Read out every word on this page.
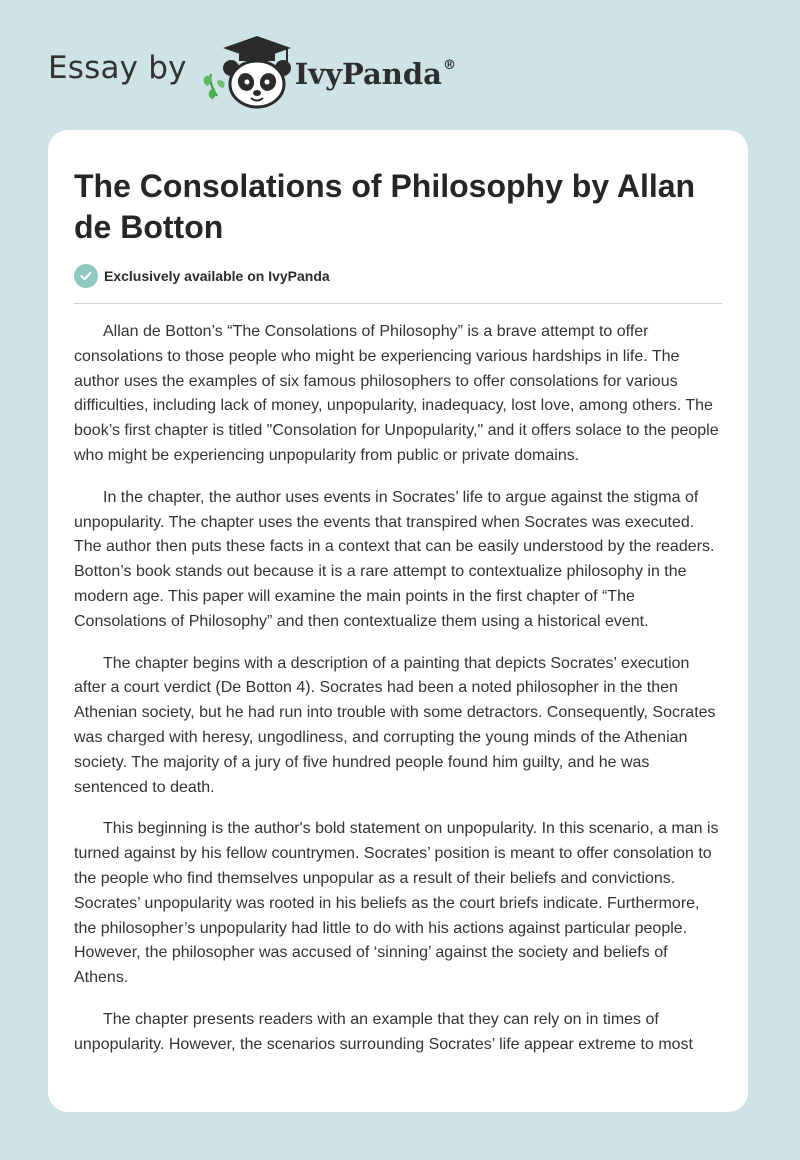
Essay by	IvyPanda®
The Consolations of Philosophy by Allan de Botton
Exclusively available on IvyPanda

Allan de Botton’s “The Consolations of Philosophy” is a brave attempt to offer consolations to those people who might be experiencing various hardships in life. The author uses the examples of six famous philosophers to offer consolations for various difficulties, including lack of money, unpopularity, inadequacy, lost love, among others. The book’s first chapter is titled "Consolation for Unpopularity," and it offers solace to the people who might be experiencing unpopularity from public or private domains.

In the chapter, the author uses events in Socrates’ life to argue against the stigma of unpopularity. The chapter uses the events that transpired when Socrates was executed. The author then puts these facts in a context that can be easily understood by the readers. Botton’s book stands out because it is a rare attempt to contextualize philosophy in the modern age. This paper will examine the main points in the first chapter of “The Consolations of Philosophy” and then contextualize them using a historical event.

The chapter begins with a description of a painting that depicts Socrates’ execution after a court verdict (De Botton 4). Socrates had been a noted philosopher in the then Athenian society, but he had run into trouble with some detractors. Consequently, Socrates was charged with heresy, ungodliness, and corrupting the young minds of the Athenian society. The majority of a jury of five hundred people found him guilty, and he was sentenced to death.

This beginning is the author's bold statement on unpopularity. In this scenario, a man is turned against by his fellow countrymen. Socrates’ position is meant to offer consolation to the people who find themselves unpopular as a result of their beliefs and convictions. Socrates’ unpopularity was rooted in his beliefs as the court briefs indicate. Furthermore, the philosopher’s unpopularity had little to do with his actions against particular people. However, the philosopher was accused of ‘sinning’ against the society and beliefs of Athens.

The chapter presents readers with an example that they can rely on in times of unpopularity. However, the scenarios surrounding Socrates’ life appear extreme to most
